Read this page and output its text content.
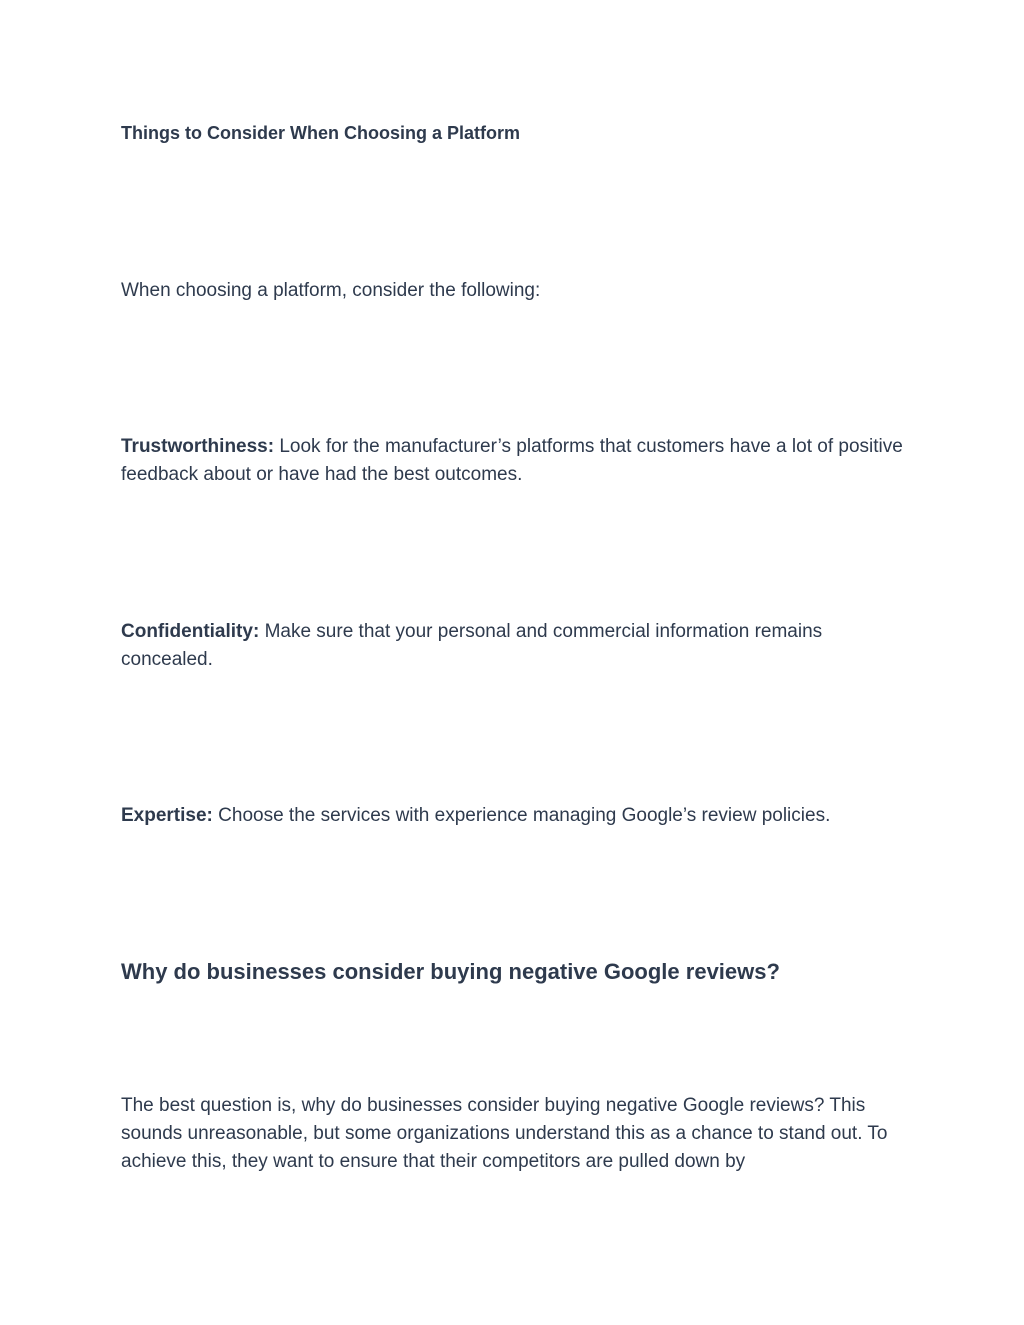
Things to Consider When Choosing a Platform

When choosing a platform, consider the following:

Trustworthiness: Look for the manufacturer’s platforms that customers have a lot of positive feedback about or have had the best outcomes.

Confidentiality: Make sure that your personal and commercial information remains concealed.

Expertise: Choose the services with experience managing Google’s review policies.

Why do businesses consider buying negative Google reviews?

The best question is, why do businesses consider buying negative Google reviews? This sounds unreasonable, but some organizations understand this as a chance to stand out. To achieve this, they want to ensure that their competitors are pulled down by
